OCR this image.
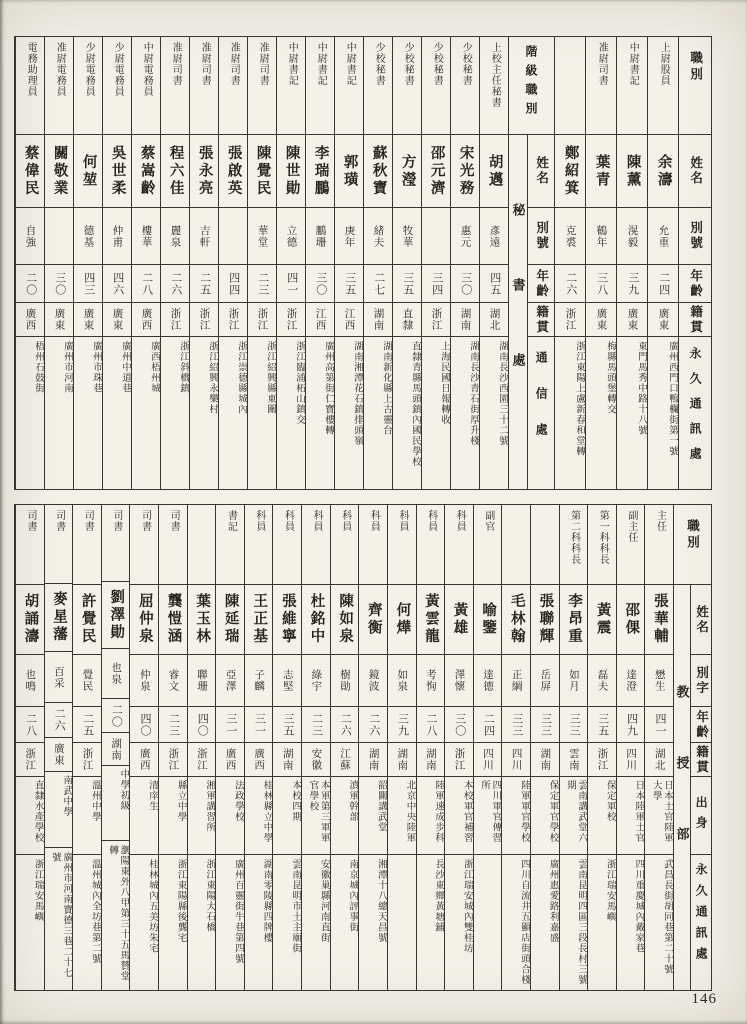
職別
姓名
別號
年齡
籍貫
永久通訊處
上尉股員
余濤
允重
二四
廣東
廣州西門口鴨欄街第一號
中尉書記
陳薰
滉毅
三九
廣東
東門馬秀中路十八號
准尉司書
葉青
鶴年
三八
廣東
梅縣馬頭堡轉交
鄭紹箕
克裘
二六
浙江
浙江東陽上盧新春和堂轉
階級職別
姓名
別號
年齡
籍貫
通信處
秘書處
上校主任秘書
胡邁
彥遠
四五
湖北
湖南長沙西園三十二號
少校秘書
宋光務
惠元
三〇
湖南
湖南長沙青石街厚升棧
少校秘書
邵元濟
三四
浙江
上海民國日報轉收
少校秘書
方瀅
牧華
三五
直隸
直隸青縣馬頭鎮內國民學校
少校秘書
蘇秋寶
緒夫
二七
湖南
湖南新化縣上古靈台
中尉書記
郭璜
庚年
三五
江西
湖南湘潭花石鎮排頭嶺
中尉書記
李瑞鵬
鵬珊
三〇
江西
廣州高第街仁寶樓轉
中尉書記
陳世勛
立德
四一
浙江
浙江臨浦柘山鎮交
准尉司書
陳覺民
華堂
二三
浙江
浙江紹興縣東關
准尉司書
張啟英
四四
浙江
浙江崇德縣城內
准尉司書
張永亮
吉軒
二五
浙江
浙江紹興永樂村
准尉司書
程六佳
麗泉
二六
浙江
浙江斜橋鎮
中尉電務員
蔡嵩齡
樓華
二八
廣西
廣西梧州城
少尉電務員
吳世柔
仲甫
四六
廣東
廣州中道巷
少尉電務員
何堃
德基
四三
廣東
廣州市珠巷
准尉電務員
關敬業
三〇
廣東
廣州市河南
電務助理員
蔡偉民
自強
二〇
廣西
梧州石鼓街
職別
姓名
別字
年齡
籍貫
出身
永久通訊處
教授部
主任
張華輔
懋生
四一
湖北
日本士官陸軍大學
武昌長街胡同巷第二十號
副主任
邵倮
達澄
四九
四川
日本陸軍士官
四川重慶城內戴家巷
第一科科長
黃震
磊夫
三五
浙江
保定軍校
浙江瑞安馬嶼
第二科科長
李昂重
如月
三三
雲南
雲南講武堂六期
雲南昆明四區三段長村三號
張聯輝
岳屏
三三
湖南
保定軍官學校
廣州惠愛路利嘉盛
毛林翰
正綱
三三
四川
陸軍軍官學校
四川自流井五顯店街頭合棧
副官
喻鑒
達德
二四
四川
四川軍官傳習所
科員
黃雄
澤懷
三〇
浙江
本校軍官補習
浙江瑞安城內雙桂坊
科員
黃雲龍
考恂
二八
湖南
陸軍速成步科
長沙東鄉黃塘鋪
科員
何燁
如泉
三九
湖南
北京中央陸軍
科員
齊衡
鏡波
二六
湖南
韶關講武堂
湘潭十八總天昌號
科員
陳如泉
樹勛
二六
江蘇
滇軍幹部
南京城內評事街
科員
杜銘中
綠宇
二三
安徽
本軍第三軍軍官學校
安徽巢縣河南直街
科員
張維寧
志堅
三五
湖南
本校四期
雲南昆明市土主廟街
科員
王正基
子麟
三一
廣西
桂林縣立中學
湖南零陵縣四牌樓
書記
陳延瑞
亞澤
三一
廣西
法政學校
廣州百靈街牛巷第四號
葉玉林
聯珊
四〇
浙江
湘軍講習所
浙江東陽大石橋
司書
龔愷涵
睿文
二三
浙江
縣立中學
浙江東陽縣後龔宅
司書
屈仲泉
仲泉
四〇
廣西
清庠生
桂林城內五美坊朱宅
司書
劉澤勛
也泉
二〇
湖南
中學初級
瀏陽東外八甲第三十五馬贊堂轉
司書
許覺民
覺民
二五
浙江
溫州中學
溫州城內全坊巷第二號
司書
麥星藩
百采
二六
廣東
南武中學
廣州市河南寶德三巷二十七號
司書
胡誦濤
也鳴
二八
浙江
直隸水產學校
浙江瑞安馬嶼
146
